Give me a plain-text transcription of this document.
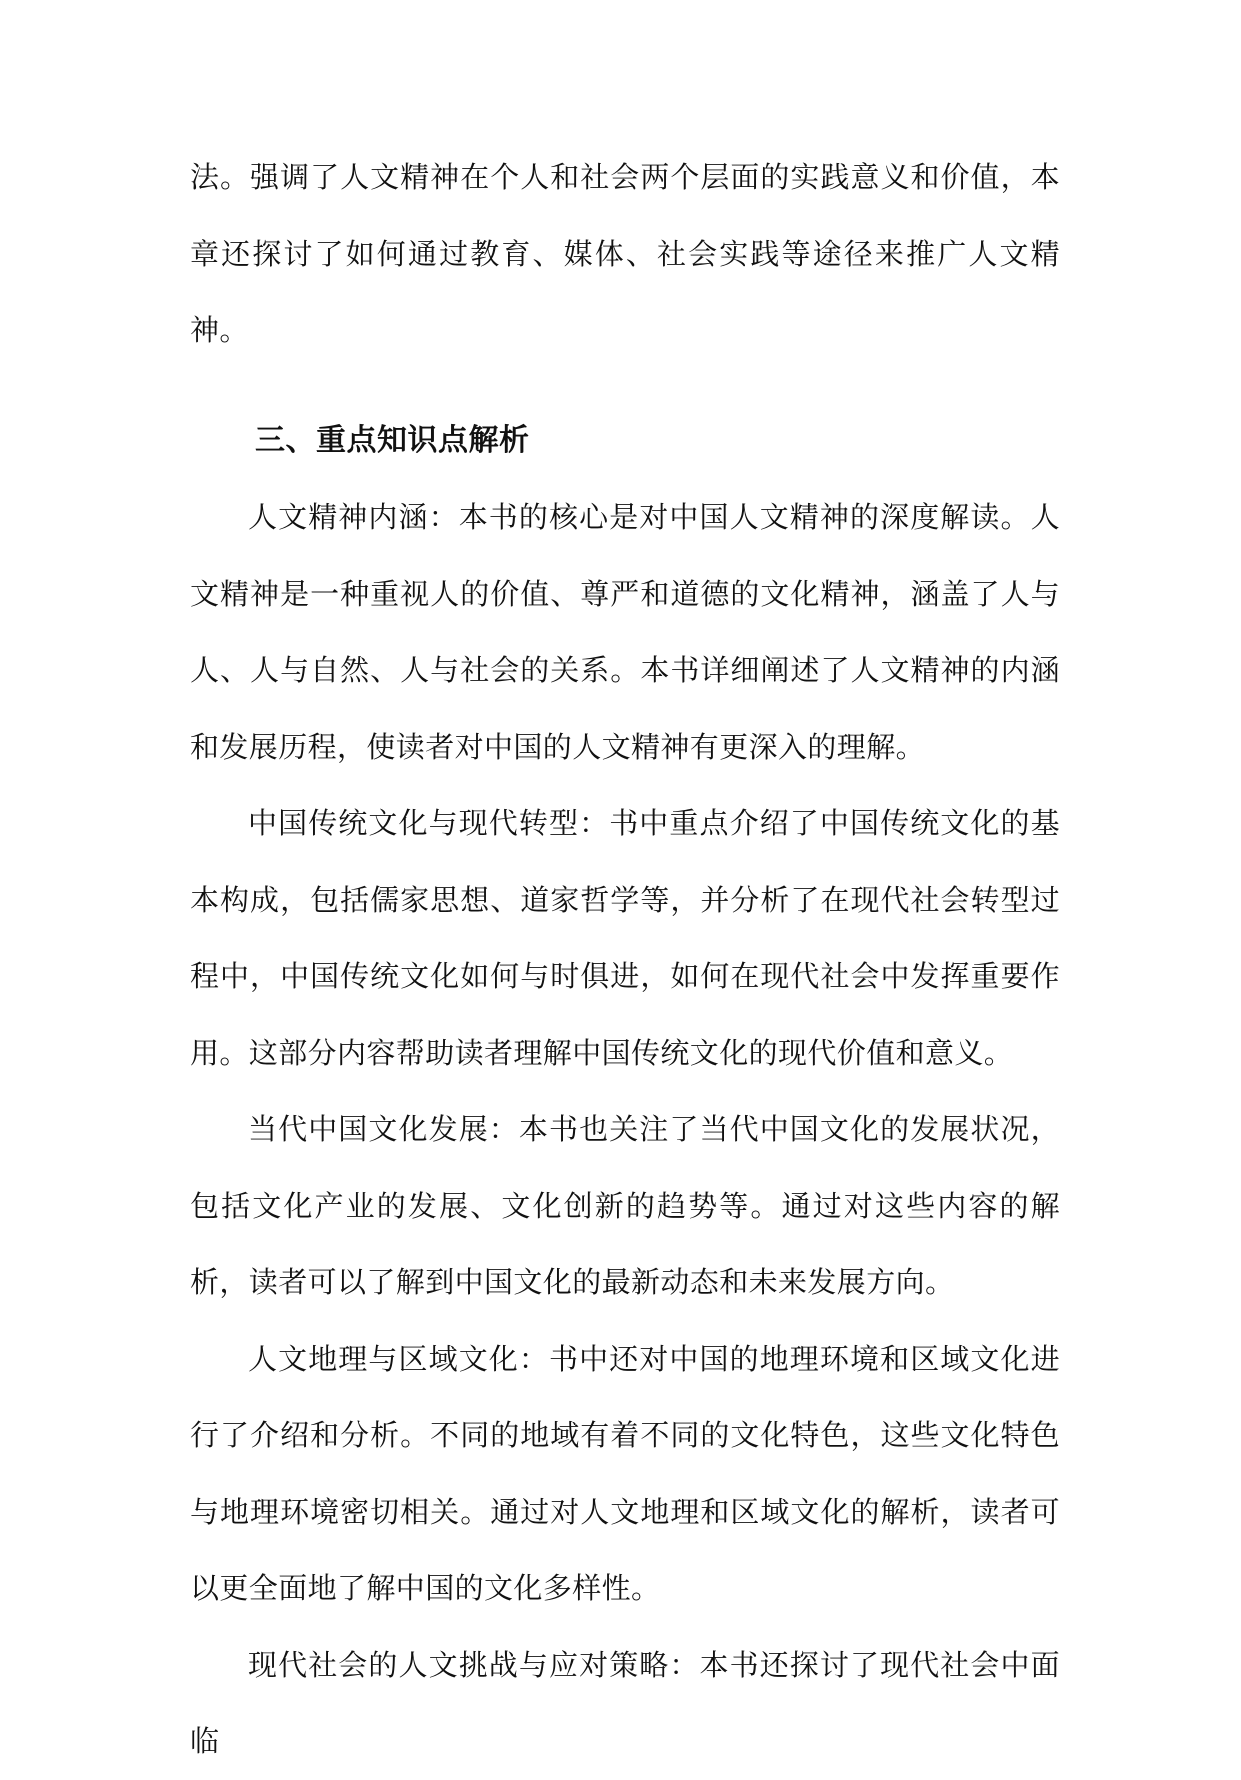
法。强调了人文精神在个人和社会两个层面的实践意义和价值，本章还探讨了如何通过教育、媒体、社会实践等途径来推广人文精神。

三、重点知识点解析

人文精神内涵：本书的核心是对中国人文精神的深度解读。人文精神是一种重视人的价值、尊严和道德的文化精神，涵盖了人与人、人与自然、人与社会的关系。本书详细阐述了人文精神的内涵和发展历程，使读者对中国的人文精神有更深入的理解。

中国传统文化与现代转型：书中重点介绍了中国传统文化的基本构成，包括儒家思想、道家哲学等，并分析了在现代社会转型过程中，中国传统文化如何与时俱进，如何在现代社会中发挥重要作用。这部分内容帮助读者理解中国传统文化的现代价值和意义。

当代中国文化发展：本书也关注了当代中国文化的发展状况，包括文化产业的发展、文化创新的趋势等。通过对这些内容的解析，读者可以了解到中国文化的最新动态和未来发展方向。

人文地理与区域文化：书中还对中国的地理环境和区域文化进行了介绍和分析。不同的地域有着不同的文化特色，这些文化特色与地理环境密切相关。通过对人文地理和区域文化的解析，读者可以更全面地了解中国的文化多样性。

现代社会的人文挑战与应对策略：本书还探讨了现代社会中面临
